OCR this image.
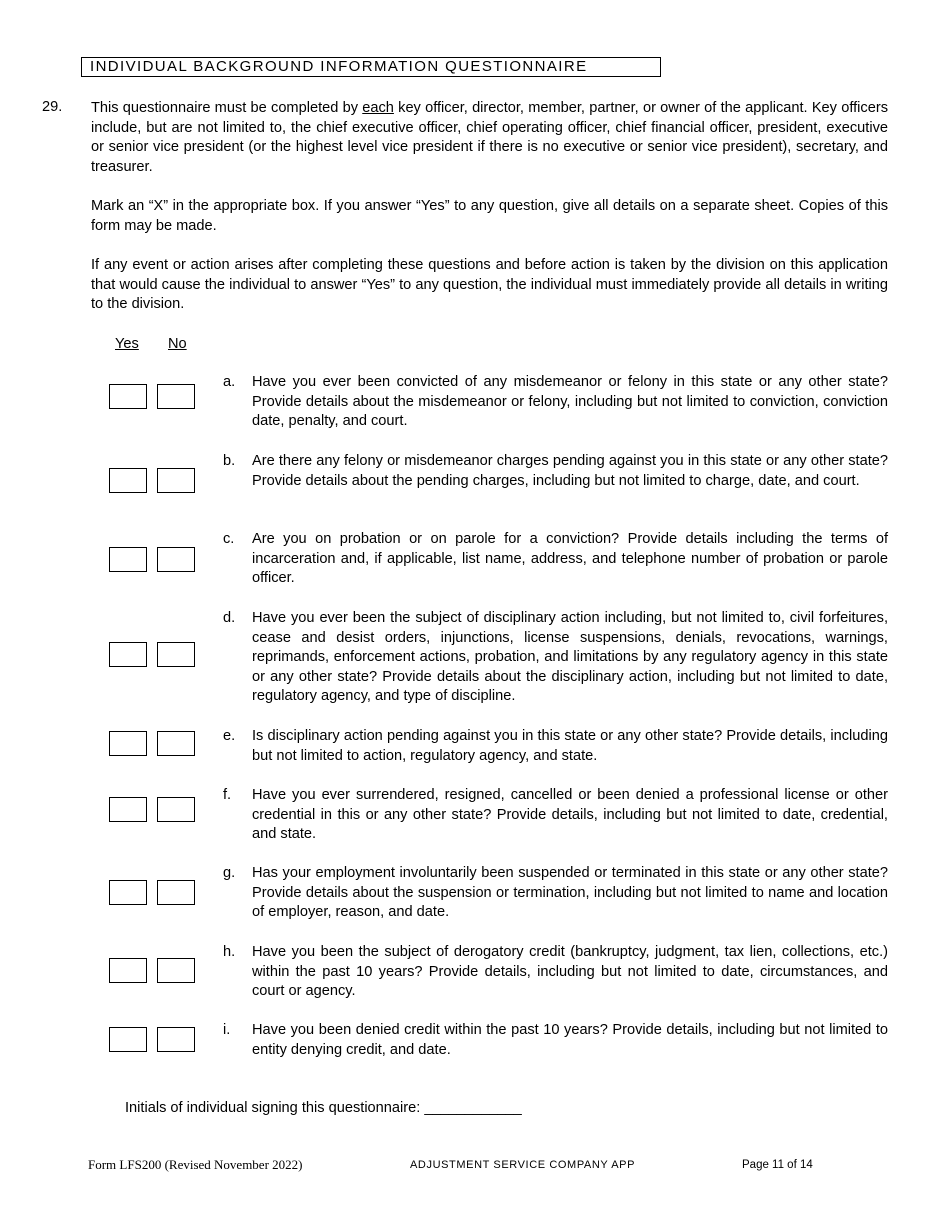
INDIVIDUAL BACKGROUND INFORMATION QUESTIONNAIRE
29. This questionnaire must be completed by each key officer, director, member, partner, or owner of the applicant. Key officers include, but are not limited to, the chief executive officer, chief operating officer, chief financial officer, president, executive or senior vice president (or the highest level vice president if there is no executive or senior vice president), secretary, and treasurer.
Mark an “X” in the appropriate box. If you answer “Yes” to any question, give all details on a separate sheet. Copies of this form may be made.
If any event or action arises after completing these questions and before action is taken by the division on this application that would cause the individual to answer “Yes” to any question, the individual must immediately provide all details in writing to the division.
Yes No
a. Have you ever been convicted of any misdemeanor or felony in this state or any other state? Provide details about the misdemeanor or felony, including but not limited to conviction, conviction date, penalty, and court.
b. Are there any felony or misdemeanor charges pending against you in this state or any other state? Provide details about the pending charges, including but not limited to charge, date, and court.
c. Are you on probation or on parole for a conviction? Provide details including the terms of incarceration and, if applicable, list name, address, and telephone number of probation or parole officer.
d. Have you ever been the subject of disciplinary action including, but not limited to, civil forfeitures, cease and desist orders, injunctions, license suspensions, denials, revocations, warnings, reprimands, enforcement actions, probation, and limitations by any regulatory agency in this state or any other state? Provide details about the disciplinary action, including but not limited to date, regulatory agency, and type of discipline.
e. Is disciplinary action pending against you in this state or any other state? Provide details, including but not limited to action, regulatory agency, and state.
f. Have you ever surrendered, resigned, cancelled or been denied a professional license or other credential in this or any other state? Provide details, including but not limited to date, credential, and state.
g. Has your employment involuntarily been suspended or terminated in this state or any other state? Provide details about the suspension or termination, including but not limited to name and location of employer, reason, and date.
h. Have you been the subject of derogatory credit (bankruptcy, judgment, tax lien, collections, etc.) within the past 10 years? Provide details, including but not limited to date, circumstances, and court or agency.
i. Have you been denied credit within the past 10 years? Provide details, including but not limited to entity denying credit, and date.
Initials of individual signing this questionnaire: ____________
Form LFS200 (Revised November 2022)	ADJUSTMENT SERVICE COMPANY APP	Page 11 of 14
